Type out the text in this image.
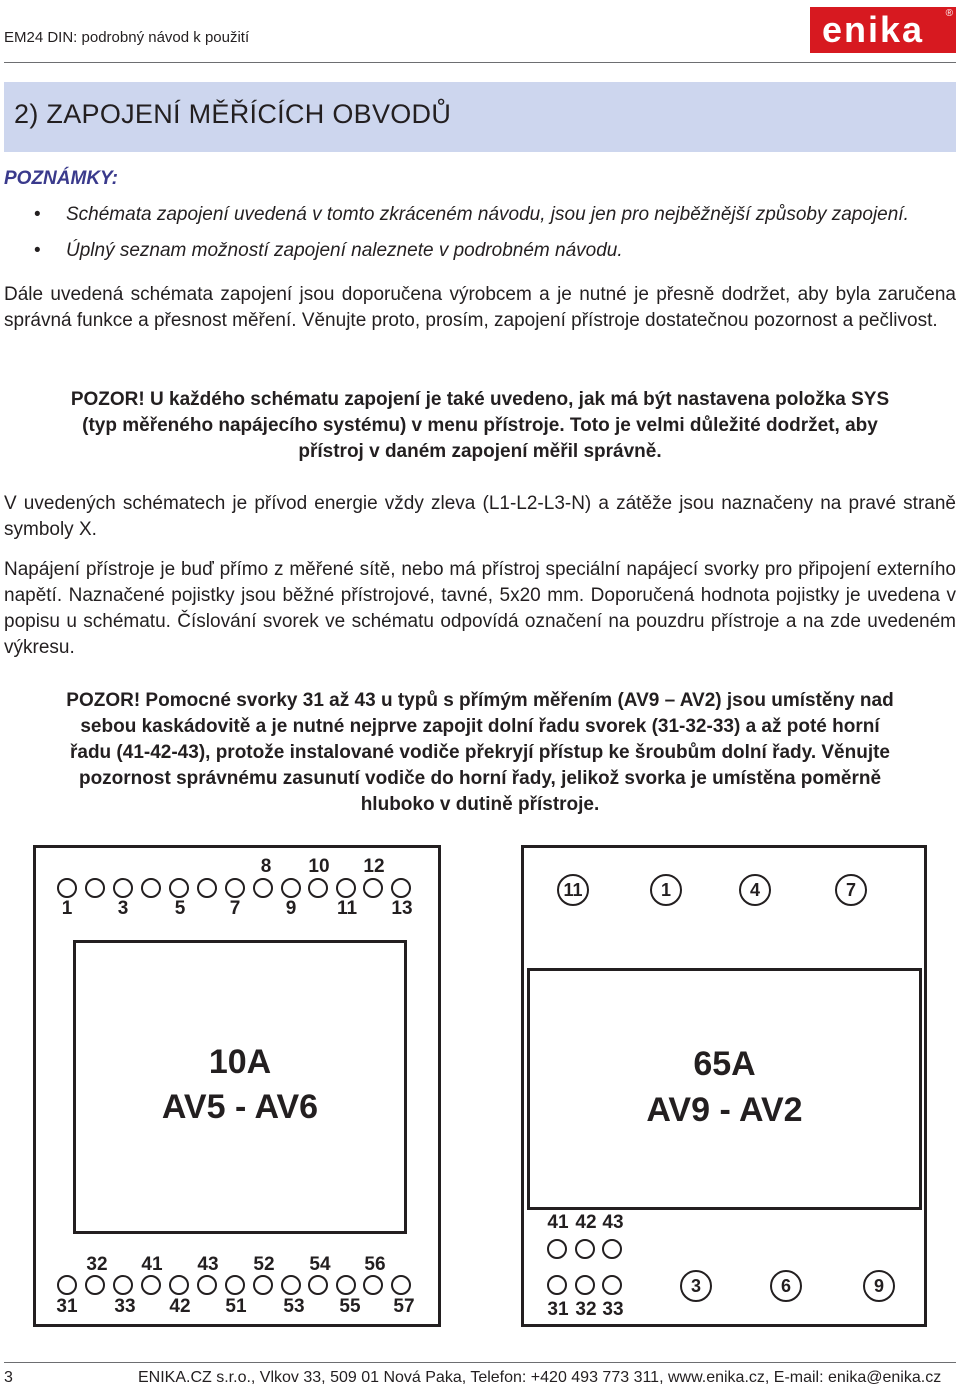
EM24 DIN: podrobný návod k použití	enika ®
2) ZAPOJENÍ MĚŘÍCÍCH OBVODŮ
POZNÁMKY:
• Schémata zapojení uvedená v tomto zkráceném návodu, jsou jen pro nejběžnější způsoby zapojení.
• Úplný seznam možností zapojení naleznete v podrobném návodu.
Dále uvedená schémata zapojení jsou doporučena výrobcem a je nutné je přesně dodržet, aby byla zaručena správná funkce a přesnost měření. Věnujte proto, prosím, zapojení přístroje dostatečnou pozornost a pečlivost.
POZOR! U každého schématu zapojení je také uvedeno, jak má být nastavena položka SYS
(typ měřeného napájecího systému) v menu přístroje. Toto je velmi důležité dodržet, aby
přístroj v daném zapojení měřil správně.
V uvedených schématech je přívod energie vždy zleva (L1-L2-L3-N) a zátěže jsou naznačeny na pravé straně symboly X.
Napájení přístroje je buď přímo z měřené sítě, nebo má přístroj speciální napájecí svorky pro připojení externího napětí. Naznačené pojistky jsou běžné přístrojové, tavné, 5x20 mm. Doporučená hodnota pojistky je uvedena v popisu u schématu. Číslování svorek ve schématu odpovídá označení na pouzdru přístroje a na zde uvedeném výkresu.
POZOR! Pomocné svorky 31 až 43 u typů s přímým měřením (AV9 – AV2) jsou umístěny nad
sebou kaskádovitě a je nutné nejprve zapojit dolní řadu svorek (31-32-33) a až poté horní
řadu (41-42-43), protože instalované vodiče překryjí přístup ke šroubům dolní řady. Věnujte
pozornost správnému zasunutí vodiče do horní řady, jelikož svorka je umístěna poměrně
hluboko v dutině přístroje.
10A
AV5 - AV6
8	10	12
1	3	5	7	9	11	13
32	41	43	52	54	56
31	33	42	51	53	55	57
11	1	4	7
65A
AV9 - AV2
41 42 43
31 32 33
3	6	9
3	ENIKA.CZ s.r.o., Vlkov 33, 509 01 Nová Paka, Telefon: +420 493 773 311, www.enika.cz, E-mail: enika@enika.cz
